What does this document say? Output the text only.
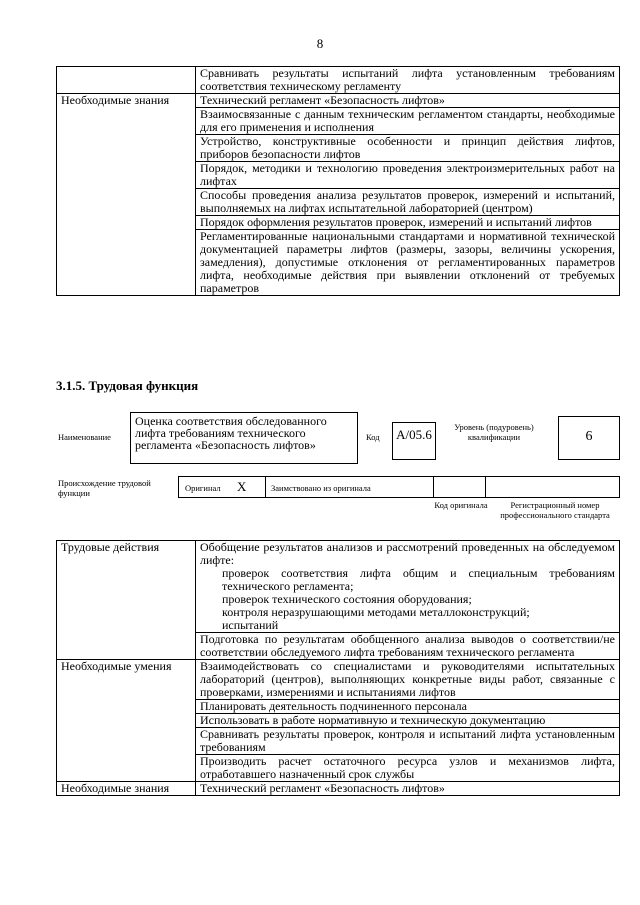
8
	Сравнивать результаты испытаний лифта установленным требованиям соответствия техническому регламенту
Необходимые знания	Технический регламент «Безопасность лифтов»
	Взаимосвязанные с данным техническим регламентом стандарты, необходимые для его применения и исполнения
	Устройство, конструктивные особенности и принцип действия лифтов, приборов безопасности лифтов
	Порядок, методики и технологию проведения электроизмерительных работ на лифтах
	Способы проведения анализа результатов проверок, измерений и испытаний, выполняемых на лифтах испытательной лабораторией (центром)
	Порядок оформления результатов проверок, измерений и испытаний лифтов
	Регламентированные национальными стандартами и нормативной технической документацией параметры лифтов (размеры, зазоры, величины ускорения, замедления), допустимые отклонения от регламентированных параметров лифта, необходимые действия при выявлении отклонений от требуемых параметров
3.1.5. Трудовая функция
Наименование
Оценка соответствия обследованного лифта требованиям технического регламента «Безопасность лифтов»
Код	А/05.6	Уровень (подуровень) квалификации	6
Происхождение трудовой функции	Оригинал X	Заимствовано из оригинала
Код оригинала	Регистрационный номер профессионального стандарта
Трудовые действия	Обобщение результатов анализов и рассмотрений проведенных на обследуемом лифте:
проверок соответствия лифта общим и специальным требованиям технического регламента;
проверок технического состояния оборудования;
контроля неразрушающими методами металлоконструкций;
испытаний

	Подготовка по результатам обобщенного анализа выводов о соответствии/не соответствии обследуемого лифта требованиям технического регламента
Необходимые умения	Взаимодействовать со специалистами и руководителями испытательных лабораторий (центров), выполняющих конкретные виды работ, связанные с проверками, измерениями и испытаниями лифтов
	Планировать деятельность подчиненного персонала
	Использовать в работе нормативную и техническую документацию
	Сравнивать результаты проверок, контроля и испытаний лифта установленным требованиям
	Производить расчет остаточного ресурса узлов и механизмов лифта, отработавшего назначенный срок службы
Необходимые знания	Технический регламент «Безопасность лифтов»
